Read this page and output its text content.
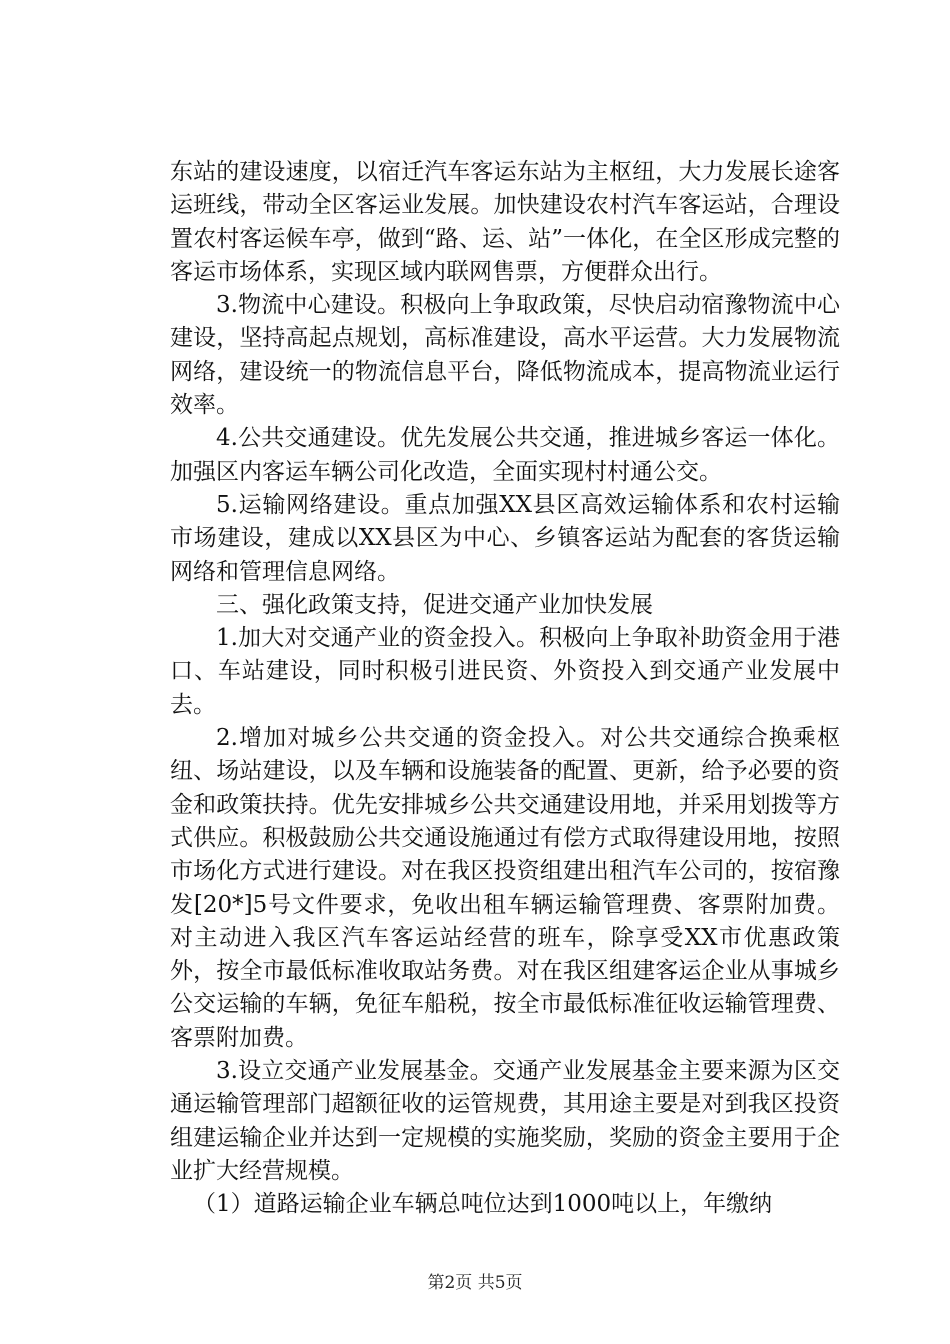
东站的建设速度，以宿迁汽车客运东站为主枢纽，大力发展长途客运班线，带动全区客运业发展。加快建设农村汽车客运站，合理设置农村客运候车亭，做到“路、运、站”一体化，在全区形成完整的客运市场体系，实现区域内联网售票，方便群众出行。

3.物流中心建设。积极向上争取政策，尽快启动宿豫物流中心建设，坚持高起点规划，高标准建设，高水平运营。大力发展物流网络，建设统一的物流信息平台，降低物流成本，提高物流业运行效率。

4.公共交通建设。优先发展公共交通，推进城乡客运一体化。加强区内客运车辆公司化改造，全面实现村村通公交。

5.运输网络建设。重点加强XX县区高效运输体系和农村运输市场建设，建成以XX县区为中心、乡镇客运站为配套的客货运输网络和管理信息网络。

三、强化政策支持，促进交通产业加快发展

1.加大对交通产业的资金投入。积极向上争取补助资金用于港口、车站建设，同时积极引进民资、外资投入到交通产业发展中去。

2.增加对城乡公共交通的资金投入。对公共交通综合换乘枢纽、场站建设，以及车辆和设施装备的配置、更新，给予必要的资金和政策扶持。优先安排城乡公共交通建设用地，并采用划拨等方式供应。积极鼓励公共交通设施通过有偿方式取得建设用地，按照市场化方式进行建设。对在我区投资组建出租汽车公司的，按宿豫发[20*]5号文件要求，免收出租车辆运输管理费、客票附加费。对主动进入我区汽车客运站经营的班车，除享受XX市优惠政策外，按全市最低标准收取站务费。对在我区组建客运企业从事城乡公交运输的车辆，免征车船税，按全市最低标准征收运输管理费、客票附加费。

3.设立交通产业发展基金。交通产业发展基金主要来源为区交通运输管理部门超额征收的运管规费，其用途主要是对到我区投资组建运输企业并达到一定规模的实施奖励，奖励的资金主要用于企业扩大经营规模。

（1）道路运输企业车辆总吨位达到1000吨以上，年缴纳

第2页 共5页
